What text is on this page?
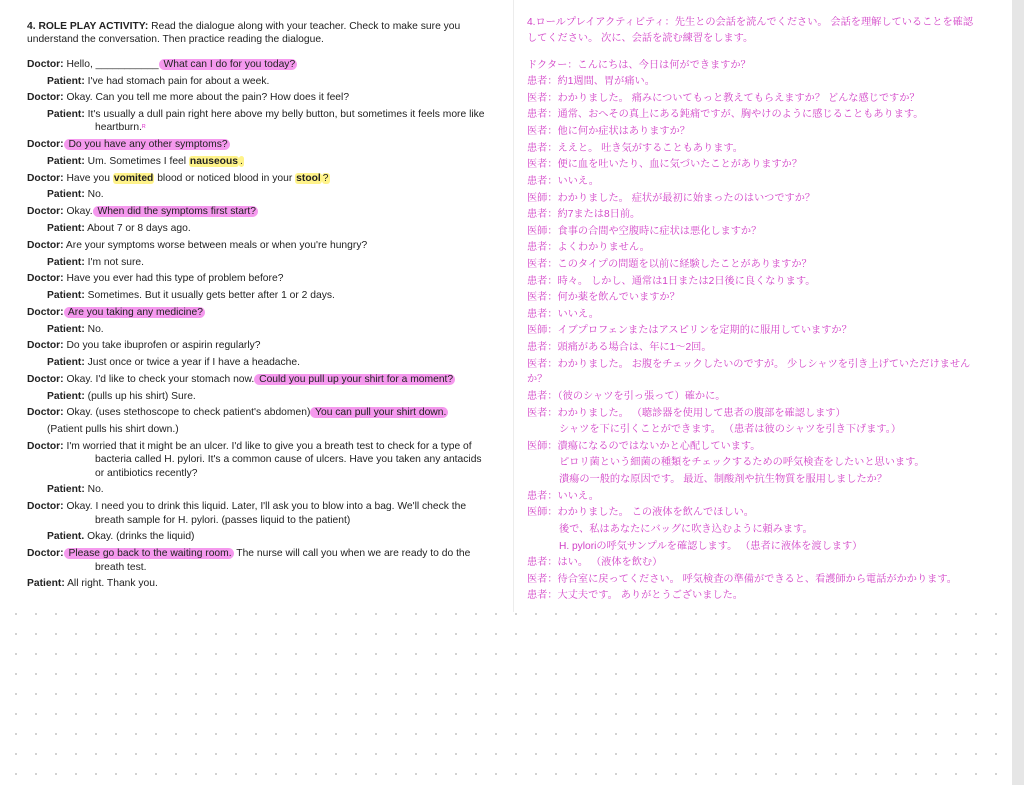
4. ROLE PLAY ACTIVITY: Read the dialogue along with your teacher. Check to make sure you understand the conversation. Then practice reading the dialogue.
Doctor: Hello, ___________ What can I do for you today?
Patient: I've had stomach pain for about a week.
Doctor: Okay. Can you tell me more about the pain? How does it feel?
Patient: It's usually a dull pain right here above my belly button, but sometimes it feels more like heartburn.ᴿ
Doctor: Do you have any other symptoms?
Patient: Um. Sometimes I feel nauseous .
Doctor: Have you vomited blood or noticed blood in your stool ?
Patient: No.
Doctor: Okay. When did the symptoms first start?
Patient: About 7 or 8 days ago.
Doctor: Are your symptoms worse between meals or when you're hungry?
Patient: I'm not sure.
Doctor: Have you ever had this type of problem before?
Patient: Sometimes. But it usually gets better after 1 or 2 days.
Doctor: Are you taking any medicine?
Patient: No.
Doctor: Do you take ibuprofen or aspirin regularly?
Patient: Just once or twice a year if I have a headache.
Doctor: Okay. I'd like to check your stomach now. Could you pull up your shirt for a moment?
Patient: (pulls up his shirt) Sure.
Doctor: Okay. (uses stethoscope to check patient's abdomen) You can pull your shirt down.
(Patient pulls his shirt down.)
Doctor: I'm worried that it might be an ulcer. I'd like to give you a breath test to check for a type of bacteria called H. pylori. It's a common cause of ulcers. Have you taken any antacids or antibiotics recently?
Patient: No.
Doctor: Okay. I need you to drink this liquid. Later, I'll ask you to blow into a bag. We'll check the breath sample for H. pylori. (passes liquid to the patient)
Patient. Okay. (drinks the liquid)
Doctor: Please go back to the waiting room. The nurse will call you when we are ready to do the breath test.
Patient: All right. Thank you.
4.ロールプレイアクティビティ：先生との会話を読んでください。 会話を理解していることを確認してください。 次に、会話を読む練習をします。
ドクター：こんにちは、今日は何ができますか？
患者：約1週間、胃が痛い。
医者：わかりました。 痛みについてもっと教えてもらえますか？ どんな感じですか？
患者：通常、おへその真上にある鈍痛ですが、胸やけのように感じることもあります。
医者：他に何か症状はありますか？
患者：ええと。 吐き気がすることもあります。
医者：便に血を吐いたり、血に気づいたことがありますか？
患者：いいえ。
医師：わかりました。 症状が最初に始まったのはいつですか？
患者：約7または8日前。
医師：食事の合間や空腹時に症状は悪化しますか？
患者：よくわかりません。
医者：このタイプの問題を以前に経験したことがありますか？
患者：時々。 しかし、通常は1日または2日後に良くなります。
医者：何か薬を飲んでいますか？
患者：いいえ。
医師：イブプロフェンまたはアスピリンを定期的に服用していますか？
患者：頭痛がある場合は、年に1〜2回。
医者：わかりました。 お腹をチェックしたいのですが。 少しシャツを引き上げていただけませんか？
患者：（彼のシャツを引っ張って）確かに。
医者：わかりました。 （聴診器を使用して患者の腹部を確認します）
シャツを下に引くことができます。 （患者は彼のシャツを引き下げます。）
医師：潰瘍になるのではないかと心配しています。
ピロリ菌という細菌の種類をチェックするための呼気検査をしたいと思います。
潰瘍の一般的な原因です。 最近、制酸剤や抗生物質を服用しましたか？
患者：いいえ。
医師：わかりました。 この液体を飲んでほしい。
後で、私はあなたにバッグに吹き込むように頼みます。
H. pyloriの呼気サンプルを確認します。 （患者に液体を渡します）
患者：はい。 （液体を飲む）
医者：待合室に戻ってください。 呼気検査の準備ができると、看護師から電話がかかります。
患者：大丈夫です。 ありがとうございました。
